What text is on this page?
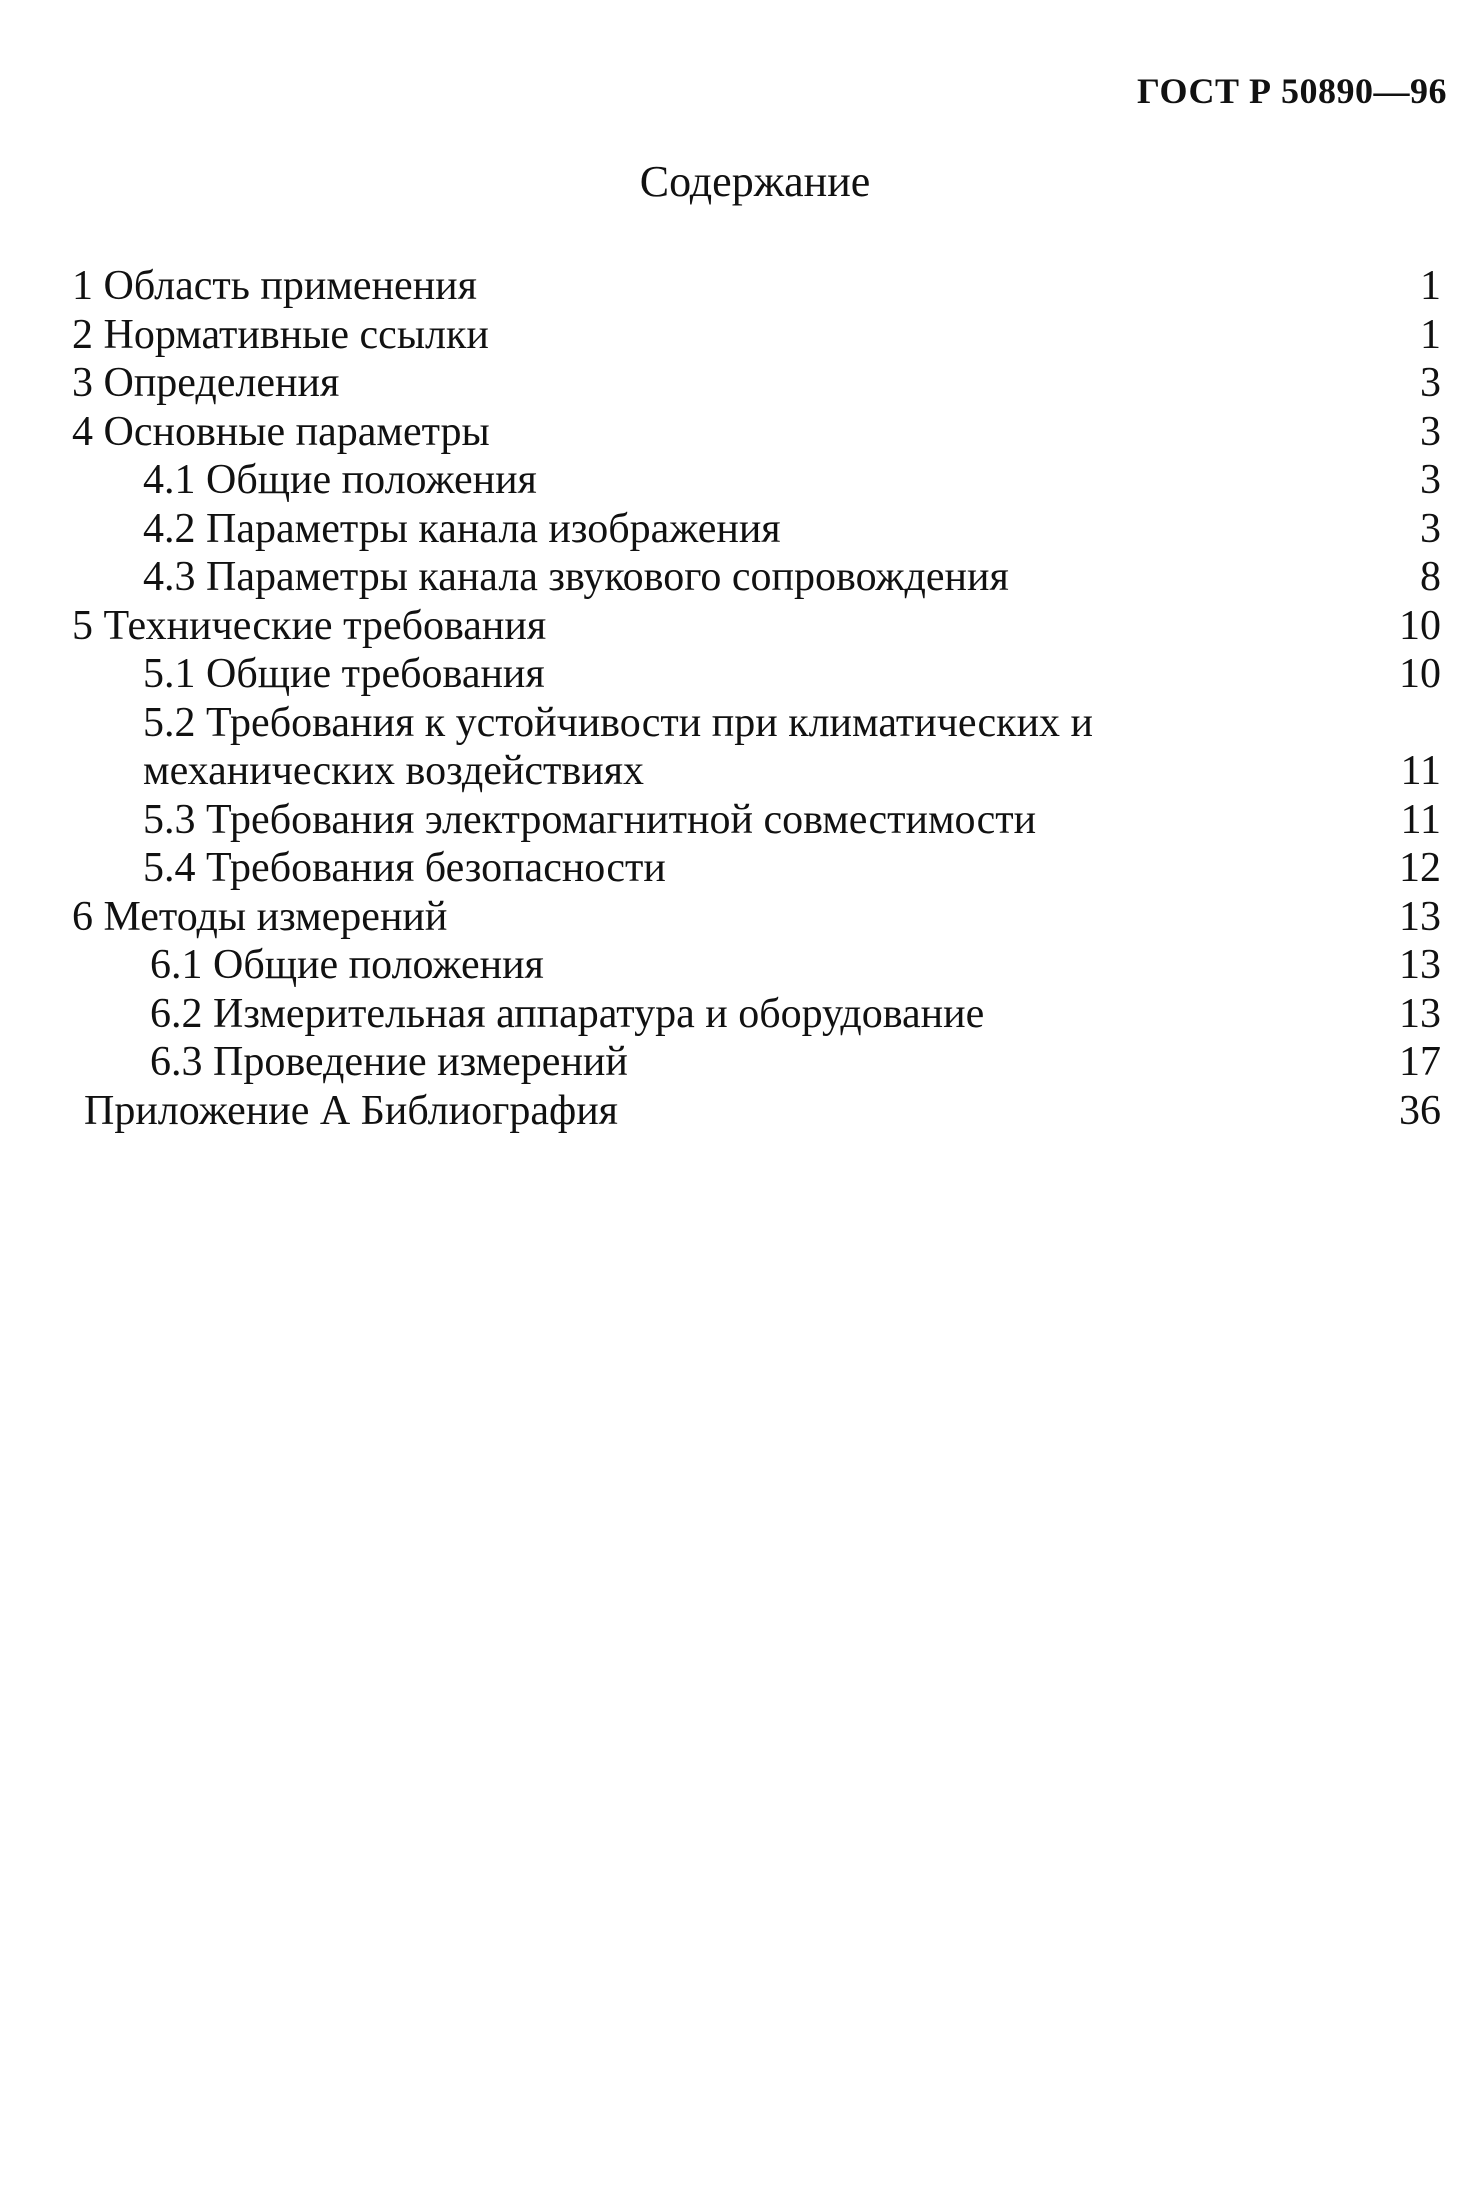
ГОСТ Р 50890—96
Содержание
1 Область применения	1
2 Нормативные ссылки	1
3 Определения	3
4 Основные параметры	3
4.1 Общие положения	3
4.2 Параметры канала изображения	3
4.3 Параметры канала звукового сопровождения	8
5 Технические требования	10
5.1 Общие требования	10
5.2 Требования к устойчивости при климатических и механических воздействиях	11
5.3 Требования электромагнитной совместимости	11
5.4 Требования безопасности	12
6 Методы измерений	13
6.1 Общие положения	13
6.2 Измерительная аппаратура и оборудование	13
6.3 Проведение измерений	17
Приложение А Библиография	36
